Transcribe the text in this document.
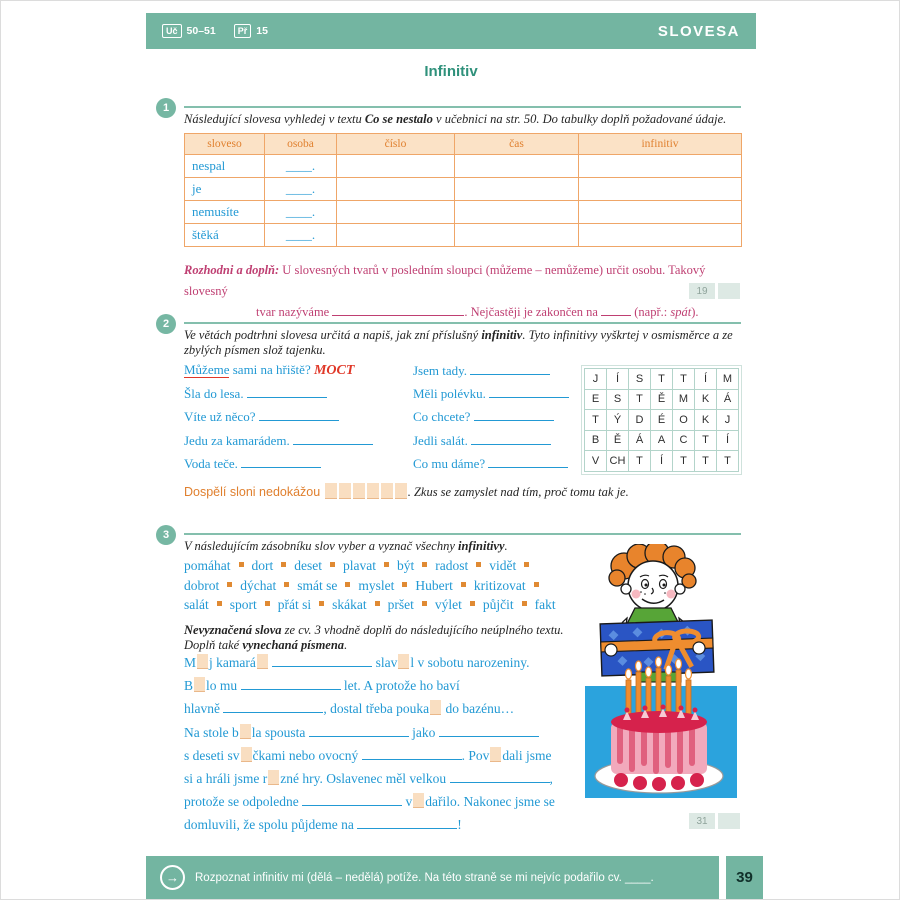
Uč 50–51	Př 15	SLOVESA
Infinitiv
1
Následující slovesa vyhledej v textu Co se nestalo v učebnici na str. 50. Do tabulky doplň požadované údaje.
sloveso	osoba	číslo	čas	infinitiv
nespal	____.			
je	____.			
nemusíte	____.			
štěká	____.			
Rozhodni a doplň: U slovesných tvarů v posledním sloupci (můžeme – nemůžeme) určit osobu. Takový slovesný
tvar nazýváme	. Nejčastěji je zakončen na  (např.: spát).
19
2
Ve větách podtrhni slovesa určitá a napiš, jak zní příslušný infinitiv. Tyto infinitivy vyškrtej v osmisměrce a ze zbylých písmen slož tajenku.
Můžeme sami na hřiště? MOCT
Šla do lesa.
Víte už něco?
Jedu za kamarádem.
Voda teče.
Jsem tady.
Měli polévku.
Co chcete?
Jedli salát.
Co mu dáme?
J	Í	S	T	T	Í	M
E	S	T	Ě	M	K	Á
T	Ý	D	É	O	K	J
B	Ě	Á	A	C	T	Í
V	CH	T	Í	T	T	T
Dospělí sloni nedokážou	. Zkus se zamyslet nad tím, proč tomu tak je.
3
V následujícím zásobníku slov vyber a vyznač všechny infinitivy.
pomáhat dort deset plavat být radost vidět
dobrot dýchat smát se myslet Hubert kritizovat
salát sport přát si skákat pršet výlet půjčit fakt
Nevyznačená slova ze cv. 3 vhodně doplň do následujícího neúplného textu.
Doplň také vynechaná písmena.
M j kamará	slav l v sobotu narozeniny.
B lo mu	let. A protože ho baví
hlavně	, dostal třeba pouka do bazénu…
Na stole b la spousta	jako
s deseti sv čkami nebo ovocný	. Pov dali jsme
si a hráli jsme r zné hry. Oslavenec měl velkou	,
protože se odpoledne	v dařilo. Nakonec jsme se
domluvili, že spolu půjdeme na	!	31
→	Rozpoznat infinitiv mi (dělá – nedělá) potíže. Na této straně se mi nejvíc podařilo cv. ____.	39
